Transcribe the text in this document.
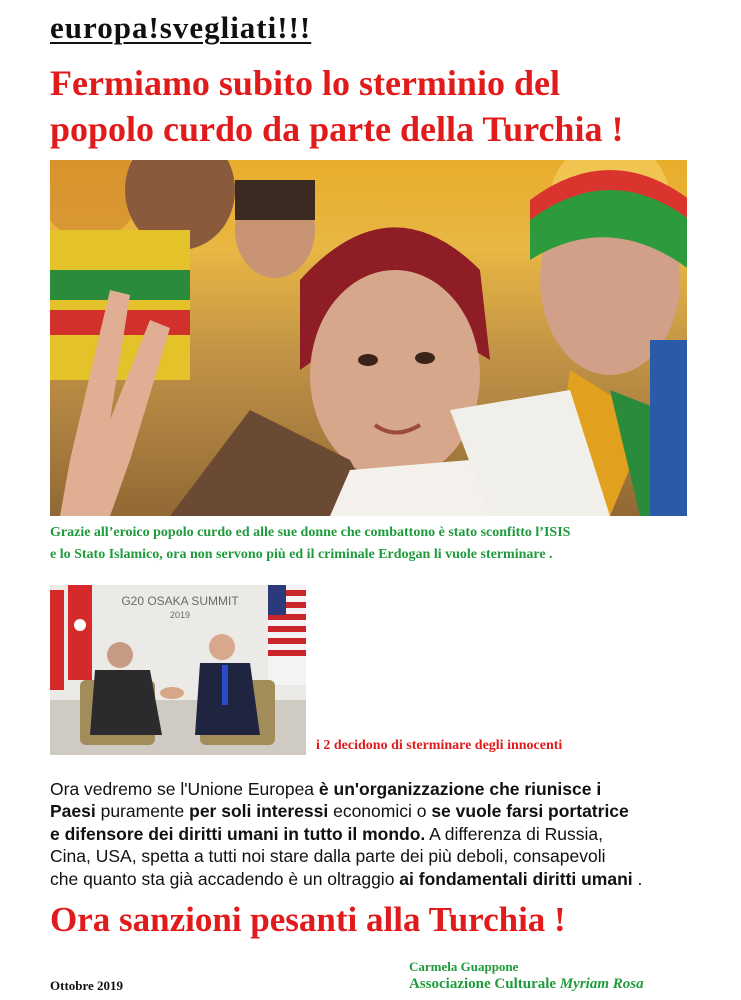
europa!svegliati!!!
Fermiamo subito lo sterminio del
popolo curdo da parte della Turchia !
Grazie all’eroico popolo curdo ed alle sue donne che combattono è stato sconfitto l’ISIS
e lo Stato Islamico, ora non servono più ed il criminale Erdogan li vuole sterminare .
G20 OSAKA SUMMIT
2019
i 2 decidono di sterminare degli innocenti
Ora vedremo se l'Unione Europea è un'organizzazione che riunisce i
Paesi puramente per soli interessi economici o se vuole farsi portatrice
e difensore dei diritti umani in tutto il mondo. A differenza di Russia,
Cina, USA, spetta a tutti noi stare dalla parte dei più deboli, consapevoli
che quanto sta già accadendo è un oltraggio ai fondamentali diritti umani .
Ora sanzioni pesanti alla Turchia !
Ottobre 2019
Carmela Guappone
Associazione Culturale Myriam Rosa
